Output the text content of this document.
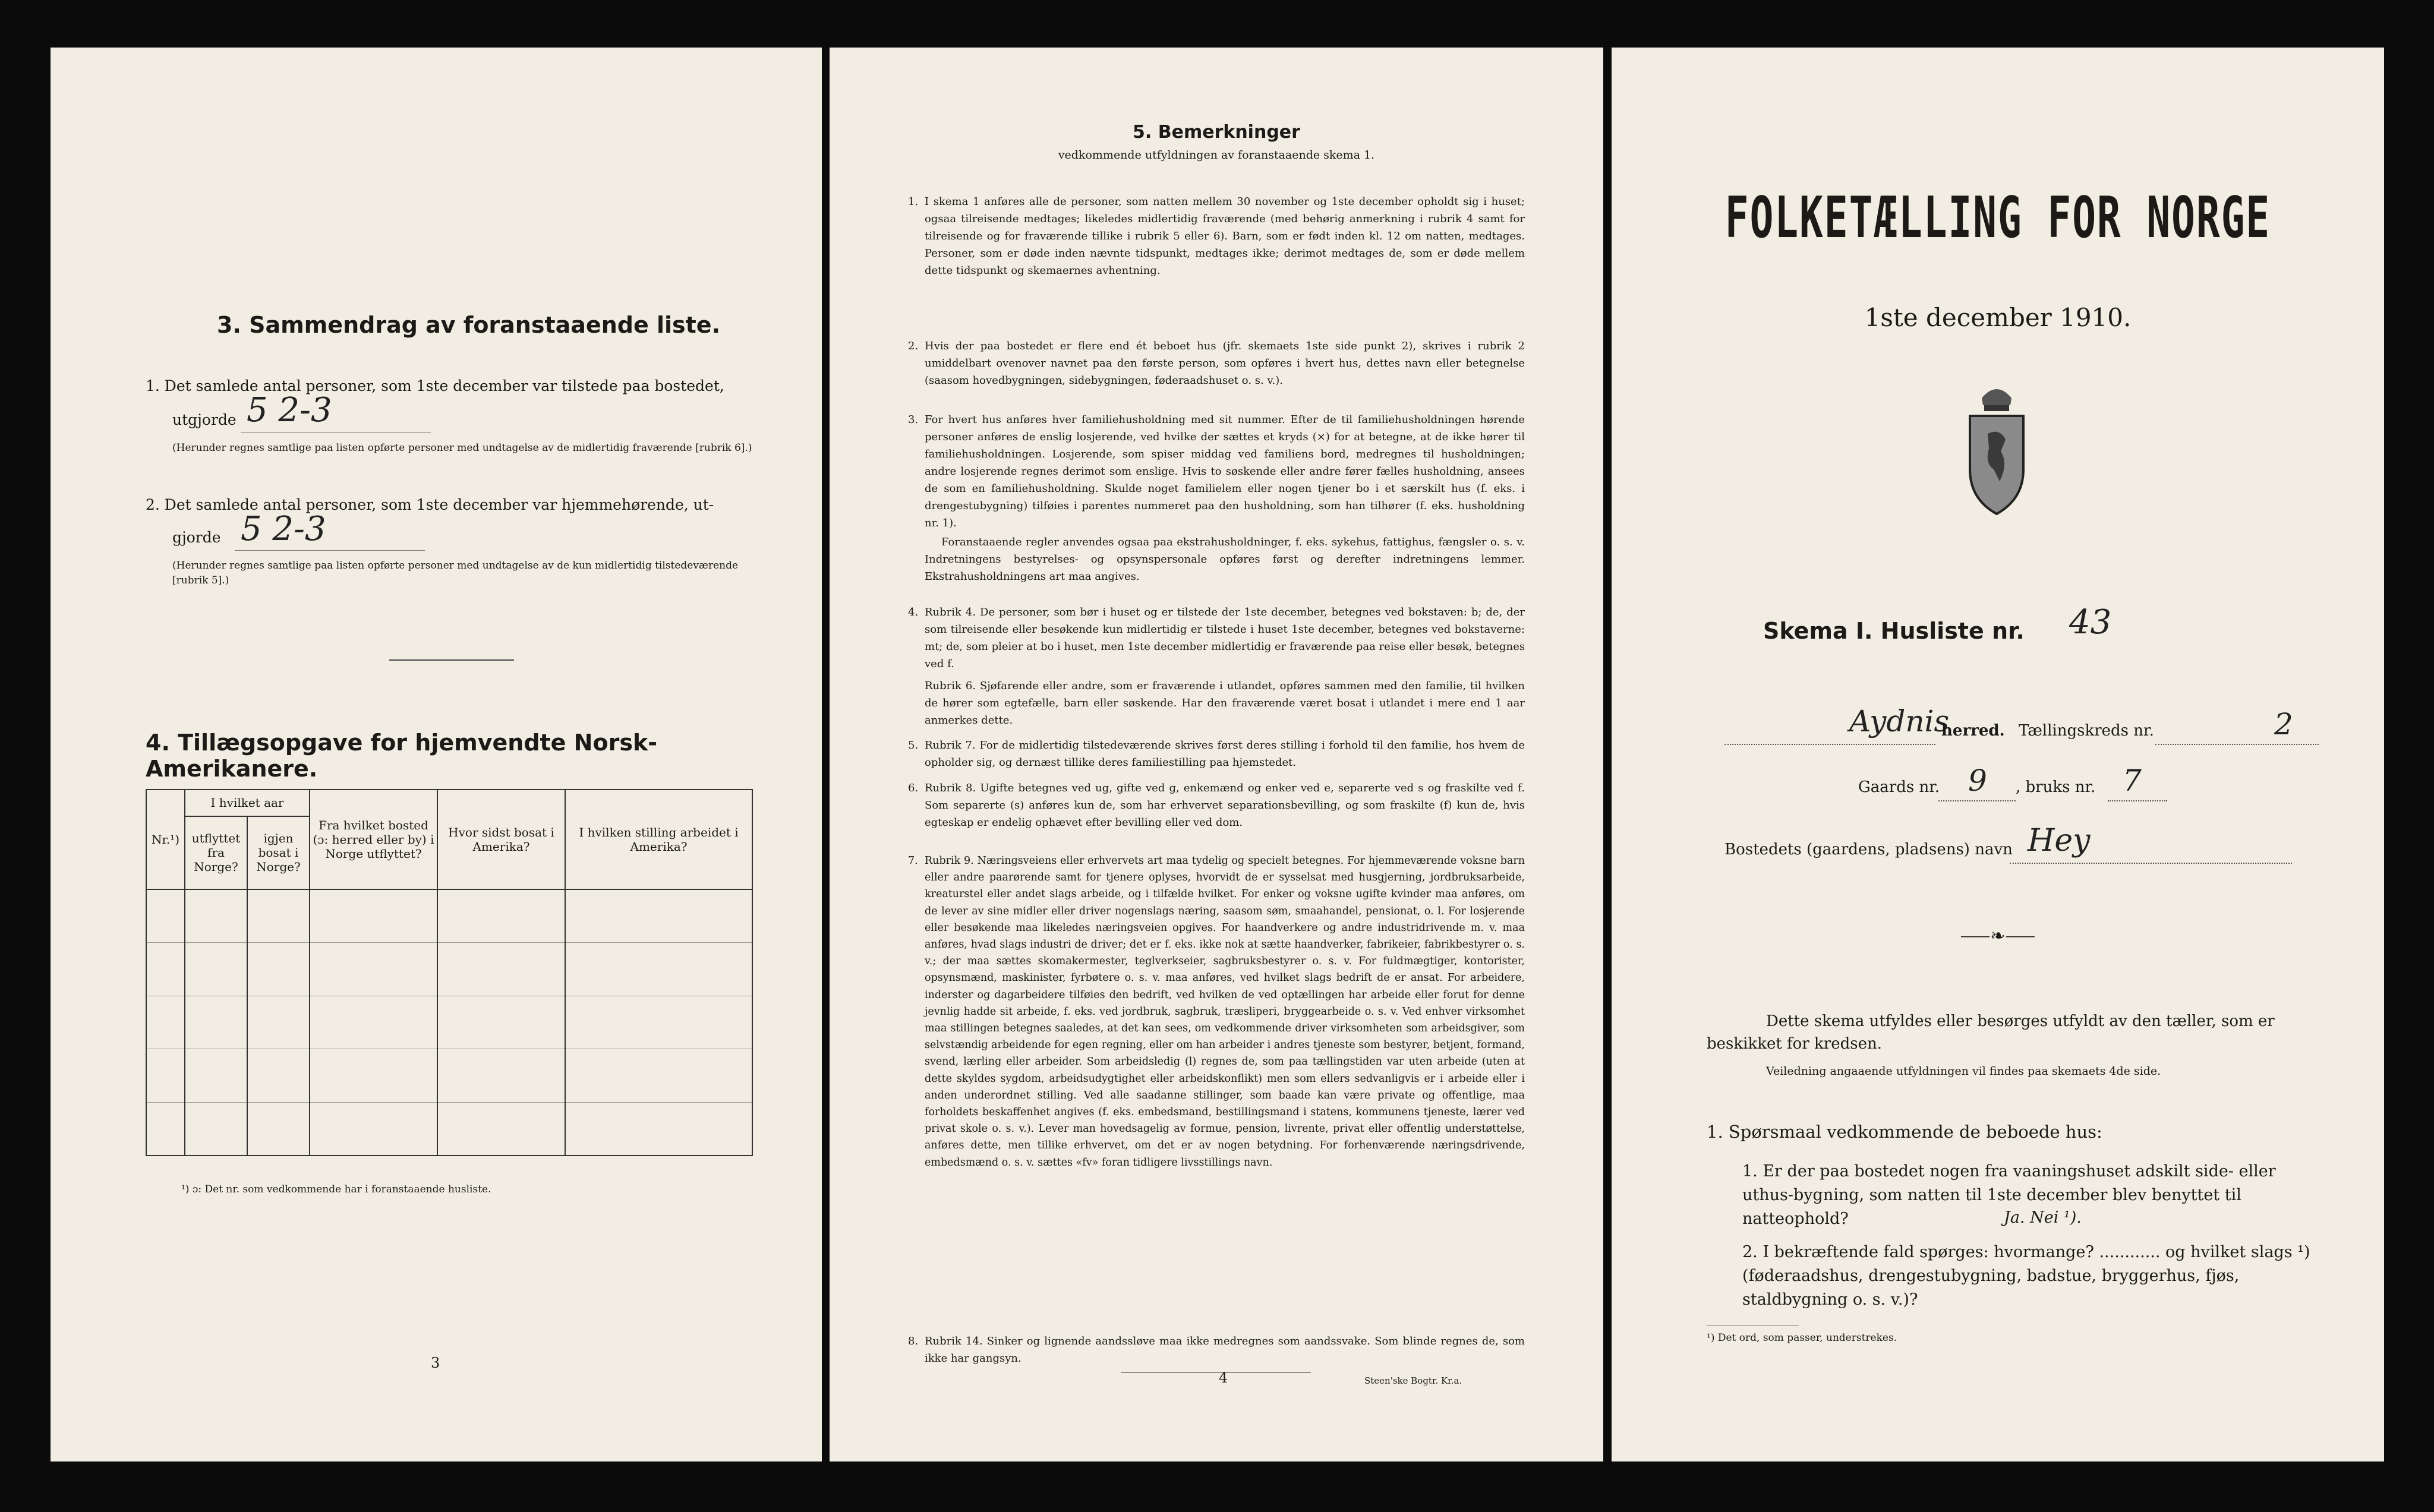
3. Sammendrag av foranstaaende liste.
1. Det samlede antal personer, som 1ste december var tilstede paa bostedet,
utgjorde 5 2-3
(Herunder regnes samtlige paa listen opførte personer med undtagelse av de midlertidig fraværende [rubrik 6].)
2. Det samlede antal personer, som 1ste december var hjemmehørende, ut-
gjorde 5 2-3
(Herunder regnes samtlige paa listen opførte personer med undtagelse av de kun midlertidig tilstedeværende [rubrik 5].)
4. Tillægsopgave for hjemvendte Norsk-Amerikanere.
Nr.¹)	I hvilket aar		Fra hvilket bosted (ɔ: herred eller by) i Norge utflyttet?	Hvor sidst bosat i Amerika?	I hvilken stilling arbeidet i Amerika?
	utflyttet fra Norge?	igjen bosat i Norge?			

¹) ɔ: Det nr. som vedkommende har i foranstaaende husliste.
3
5. Bemerkninger
vedkommende utfyldningen av foranstaaende skema 1.
1. I skema 1 anføres alle de personer, som natten mellem 30 november og 1ste december opholdt sig i huset; ogsaa tilreisende medtages; likeledes midlertidig fraværende (med behørig anmerkning i rubrik 4 samt for tilreisende og for fraværende tillike i rubrik 5 eller 6). Barn, som er født inden kl. 12 om natten, medtages. Personer, som er døde inden nævnte tidspunkt, medtages ikke; derimot medtages de, som er døde mellem dette tidspunkt og skemaernes avhentning.
2. Hvis der paa bostedet er flere end ét beboet hus (jfr. skemaets 1ste side punkt 2), skrives i rubrik 2 umiddelbart ovenover navnet paa den første person, som opføres i hvert hus, dettes navn eller betegnelse (saasom hovedbygningen, sidebygningen, føderaadshuset o. s. v.).
3. For hvert hus anføres hver familiehusholdning med sit nummer. Efter de til familiehusholdningen hørende personer anføres de enslig losjerende, ved hvilke der sættes et kryds (×) for at betegne, at de ikke hører til familiehusholdningen. Losjerende, som spiser middag ved familiens bord, medregnes til husholdningen; andre losjerende regnes derimot som enslige. Hvis to søskende eller andre fører fælles husholdning, ansees de som en familiehusholdning. Skulde noget familielem eller nogen tjener bo i et særskilt hus (f. eks. i drengestubygning) tilføies i parentes nummeret paa den husholdning, som han tilhører (f. eks. husholdning nr. 1).
Foranstaaende regler anvendes ogsaa paa ekstrahusholdninger, f. eks. sykehus, fattighus, fængsler o. s. v. Indretningens bestyrelses- og opsynspersonale opføres først og derefter indretningens lemmer. Ekstrahusholdningens art maa angives.
4. Rubrik 4. De personer, som bør i huset og er tilstede der 1ste december, betegnes ved bokstaven: b; de, der som tilreisende eller besøkende kun midlertidig er tilstede i huset 1ste december, betegnes ved bokstaverne: mt; de, som pleier at bo i huset, men 1ste december midlertidig er fraværende paa reise eller besøk, betegnes ved f.
Rubrik 6. Sjøfarende eller andre, som er fraværende i utlandet, opføres sammen med den familie, til hvilken de hører som egtefælle, barn eller søskende. Har den fraværende været bosat i utlandet i mere end 1 aar anmerkes dette.
5. Rubrik 7. For de midlertidig tilstedeværende skrives først deres stilling i forhold til den familie, hos hvem de opholder sig, og dernæst tillike deres familiestilling paa hjemstedet.
6. Rubrik 8. Ugifte betegnes ved ug, gifte ved g, enkemænd og enker ved e, separerte ved s og fraskilte ved f. Som separerte (s) anføres kun de, som har erhvervet separationsbevilling, og som fraskilte (f) kun de, hvis egteskap er endelig ophævet efter bevilling eller ved dom.
7. Rubrik 9. Næringsveiens eller erhvervets art maa tydelig og specielt betegnes. For hjemmeværende voksne barn eller andre paarørende samt for tjenere oplyses, hvorvidt de er sysselsat med husgjerning, jordbruksarbeide, kreaturstel eller andet slags arbeide, og i tilfælde hvilket. For enker og voksne ugifte kvinder maa anføres, om de lever av sine midler eller driver nogenslags næring, saasom søm, smaahandel, pensionat, o. l. For losjerende eller besøkende maa likeledes næringsveien opgives. For haandverkere og andre industridrivende m. v. maa anføres, hvad slags industri de driver; det er f. eks. ikke nok at sætte haandverker, fabrikeier, fabrikbestyrer o. s. v.; der maa sættes skomakermester, teglverkseier, sagbruksbestyrer o. s. v. For fuldmægtiger, kontorister, opsynsmænd, maskinister, fyrbøtere o. s. v. maa anføres, ved hvilket slags bedrift de er ansat. For arbeidere, inderster og dagarbeidere tilføies den bedrift, ved hvilken de ved optællingen har arbeide eller forut for denne jevnlig hadde sit arbeide, f. eks. ved jordbruk, sagbruk, træsliperi, bryggearbeide o. s. v. Ved enhver virksomhet maa stillingen betegnes saaledes, at det kan sees, om vedkommende driver virksomheten som arbeidsgiver, som selvstændig arbeidende for egen regning, eller om han arbeider i andres tjeneste som bestyrer, betjent, formand, svend, lærling eller arbeider. Som arbeidsledig (l) regnes de, som paa tællingstiden var uten arbeide (uten at dette skyldes sygdom, arbeidsudygtighet eller arbeidskonflikt) men som ellers sedvanligvis er i arbeide eller i anden underordnet stilling. Ved alle saadanne stillinger, som baade kan være private og offentlige, maa forholdets beskaffenhet angives (f. eks. embedsmand, bestillingsmand i statens, kommunens tjeneste, lærer ved privat skole o. s. v.). Lever man hovedsagelig av formue, pension, livrente, privat eller offentlig understøttelse, anføres dette, men tillike erhvervet, om det er av nogen betydning. For forhenværende næringsdrivende, embedsmænd o. s. v. sættes «fv» foran tidligere livsstillings navn.
8. Rubrik 14. Sinker og lignende aandssløve maa ikke medregnes som aandssvake. Som blinde regnes de, som ikke har gangsyn.
4	Steen'ske Bogtr. Kr.a.
FOLKETÆLLING FOR NORGE
1ste december 1910.
Skema I. Husliste nr. 43
Aydnis
herred. Tællingskreds nr.	2
Gaards nr. 9 , bruks nr. 7
Bostedets (gaardens, pladsens) navn Hey
⸺❧⸺
Dette skema utfyldes eller besørges utfyldt av den tæller, som er beskikket for kredsen.
Veiledning angaaende utfyldningen vil findes paa skemaets 4de side.
1. Spørsmaal vedkommende de beboede hus:
1. Er der paa bostedet nogen fra vaaningshuset adskilt side- eller uthus-bygning, som natten til 1ste december blev benyttet til natteophold?	Ja. Nei ¹).
2. I bekræftende fald spørges: hvormange? ............ og hvilket slags ¹) (føderaadshus, drengestubygning, badstue, bryggerhus, fjøs, staldbygning o. s. v.)?
¹) Det ord, som passer, understrekes.
